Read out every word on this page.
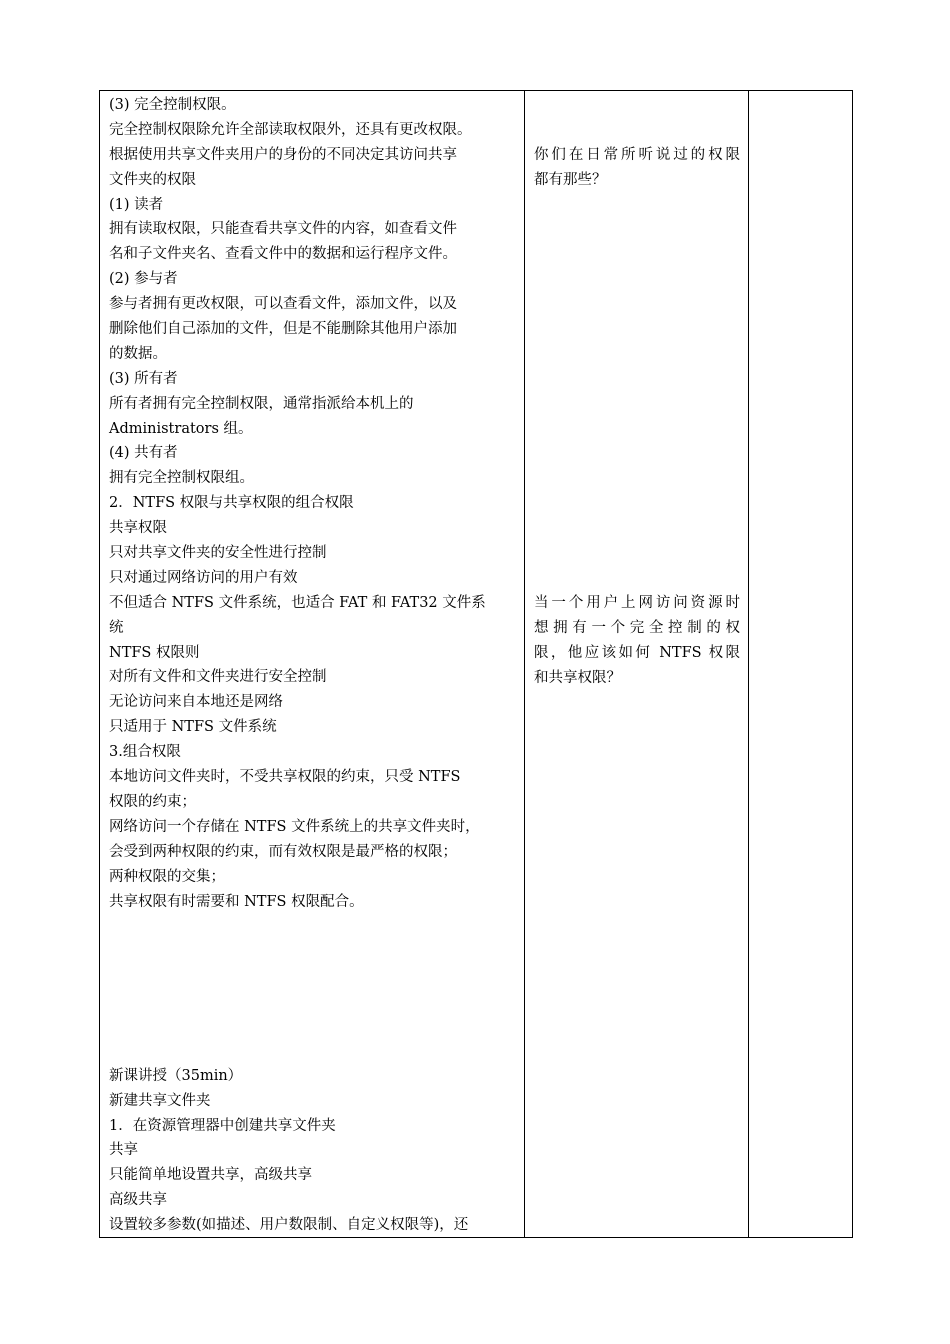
(3) 完全控制权限。
完全控制权限除允许全部读取权限外，还具有更改权限。
根据使用共享文件夹用户的身份的不同决定其访问共享
文件夹的权限
(1) 读者
拥有读取权限，只能查看共享文件的内容，如查看文件
名和子文件夹名、查看文件中的数据和运行程序文件。
(2) 参与者
参与者拥有更改权限，可以查看文件，添加文件，以及
删除他们自己添加的文件，但是不能删除其他用户添加
的数据。
(3) 所有者
所有者拥有完全控制权限，通常指派给本机上的
Administrators 组。
(4) 共有者
拥有完全控制权限组。
2．NTFS 权限与共享权限的组合权限
共享权限
只对共享文件夹的安全性进行控制
只对通过网络访问的用户有效
不但适合 NTFS 文件系统，也适合 FAT 和 FAT32 文件系
统
NTFS 权限则
对所有文件和文件夹进行安全控制
无论访问来自本地还是网络
只适用于 NTFS 文件系统
3.组合权限
本地访问文件夹时，不受共享权限的约束，只受 NTFS
权限的约束；
网络访问一个存储在 NTFS 文件系统上的共享文件夹时，
会受到两种权限的约束，而有效权限是最严格的权限；
两种权限的交集；
共享权限有时需要和 NTFS 权限配合。
新课讲授（35min）
新建共享文件夹
1．在资源管理器中创建共享文件夹
共享
只能简单地设置共享，高级共享
高级共享
设置较多参数(如描述、用户数限制、自定义权限等)，还
你们在日常所听说过的权限
都有那些？
当一个用户上网访问资源时
想拥有一个完全控制的权
限，他应该如何 NTFS 权限
和共享权限？
